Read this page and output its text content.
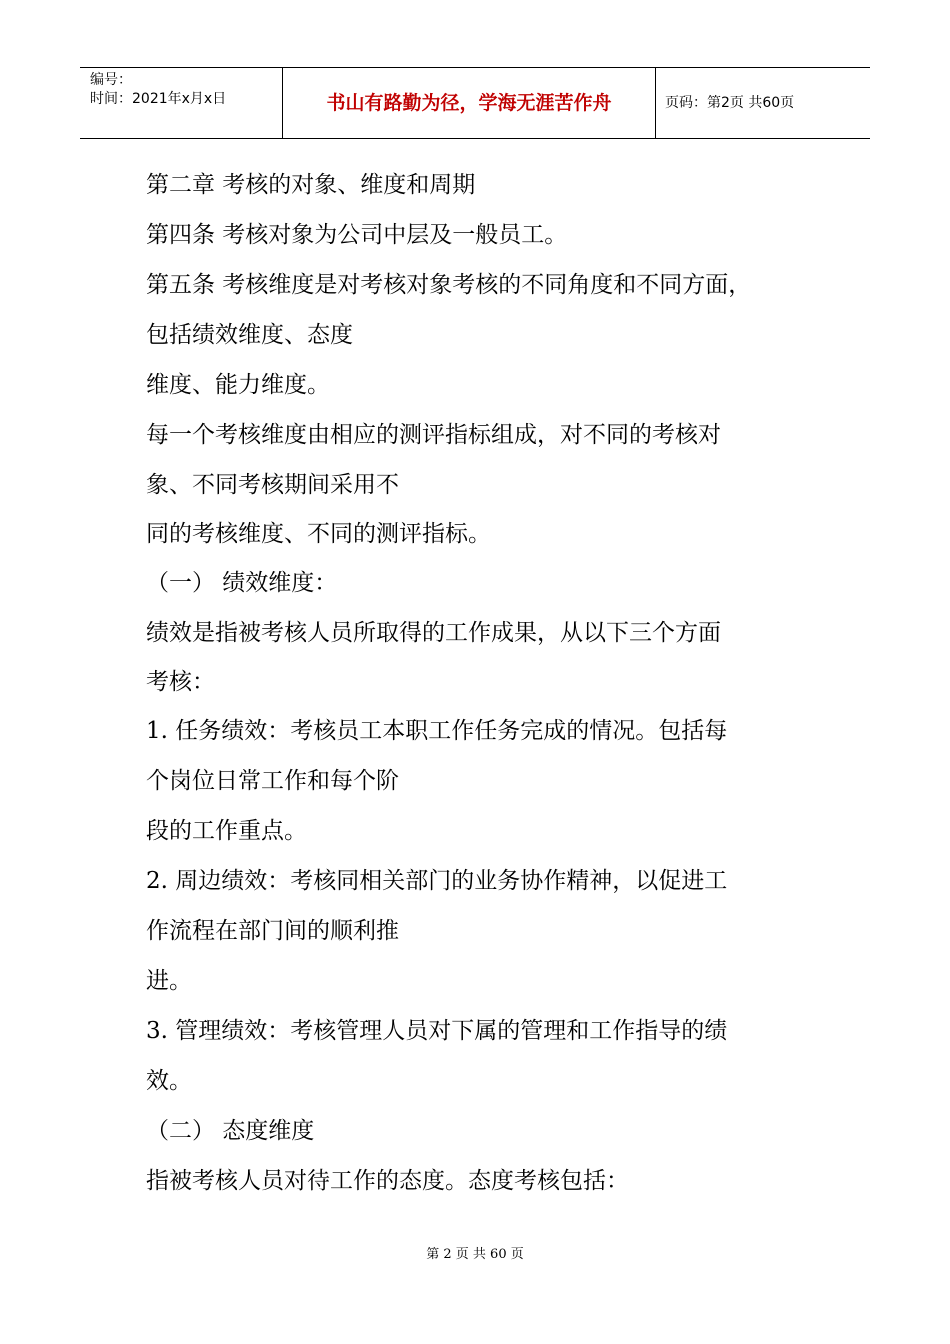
编号：
时间：2021年x月x日	书山有路勤为径，学海无涯苦作舟	页码：第2页 共60页
第二章 考核的对象、维度和周期
第四条 考核对象为公司中层及一般员工。
第五条 考核维度是对考核对象考核的不同角度和不同方面，
包括绩效维度、态度
维度、能力维度。
每一个考核维度由相应的测评指标组成，对不同的考核对
象、不同考核期间采用不
同的考核维度、不同的测评指标。
（一） 绩效维度：
绩效是指被考核人员所取得的工作成果，从以下三个方面
考核：
1. 任务绩效：考核员工本职工作任务完成的情况。包括每
个岗位日常工作和每个阶
段的工作重点。
2. 周边绩效：考核同相关部门的业务协作精神，以促进工
作流程在部门间的顺利推
进。
3. 管理绩效：考核管理人员对下属的管理和工作指导的绩
效。
（二） 态度维度
指被考核人员对待工作的态度。态度考核包括：
第 2 页 共 60 页
